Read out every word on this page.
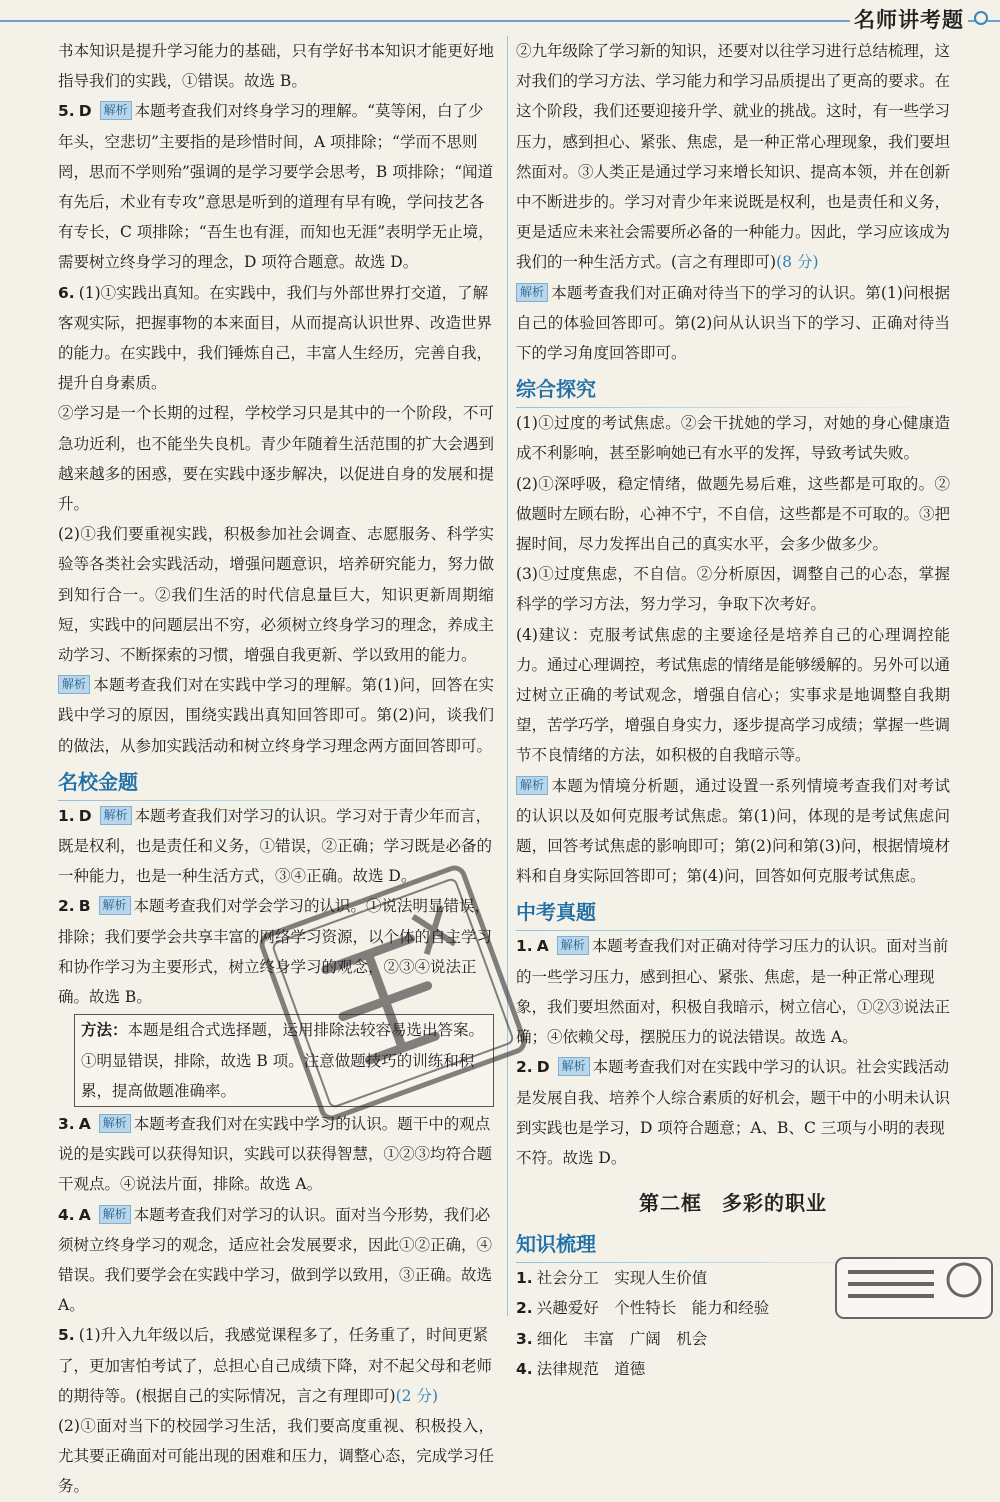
名师讲考题

书本知识是提升学习能力的基础，只有学好书本知识才能更好地指导我们的实践，①错误。故选 B。

5. D 解析 本题考查我们对终身学习的理解。“莫等闲，白了少年头，空悲切”主要指的是珍惜时间，A 项排除；“学而不思则罔，思而不学则殆”强调的是学习要学会思考，B 项排除；“闻道有先后，术业有专攻”意思是听到的道理有早有晚，学问技艺各有专长，C 项排除；“吾生也有涯，而知也无涯”表明学无止境，需要树立终身学习的理念，D 项符合题意。故选 D。

6. (1)①实践出真知。在实践中，我们与外部世界打交道，了解客观实际，把握事物的本来面目，从而提高认识世界、改造世界的能力。在实践中，我们锤炼自己，丰富人生经历，完善自我，提升自身素质。

②学习是一个长期的过程，学校学习只是其中的一个阶段，不可急功近利，也不能坐失良机。青少年随着生活范围的扩大会遇到越来越多的困惑，要在实践中逐步解决，以促进自身的发展和提升。

(2)①我们要重视实践，积极参加社会调查、志愿服务、科学实验等各类社会实践活动，增强问题意识，培养研究能力，努力做到知行合一。②我们生活的时代信息量巨大，知识更新周期缩短，实践中的问题层出不穷，必须树立终身学习的理念，养成主动学习、不断探索的习惯，增强自我更新、学以致用的能力。

解析 本题考查我们对在实践中学习的理解。第(1)问，回答在实践中学习的原因，围绕实践出真知回答即可。第(2)问，谈我们的做法，从参加实践活动和树立终身学习理念两方面回答即可。

名校金题

1. D 解析 本题考查我们对学习的认识。学习对于青少年而言，既是权利，也是责任和义务，①错误，②正确；学习既是必备的一种能力，也是一种生活方式，③④正确。故选 D。

2. B 解析 本题考查我们对学会学习的认识。①说法明显错误，排除；我们要学会共享丰富的网络学习资源，以个体的自主学习和协作学习为主要形式，树立终身学习的观念，②③④说法正确。故选 B。

方法：本题是组合式选择题，运用排除法较容易选出答案。①明显错误，排除，故选 B 项。注意做题技巧的训练和积累，提高做题准确率。

3. A 解析 本题考查我们对在实践中学习的认识。题干中的观点说的是实践可以获得知识，实践可以获得智慧，①②③均符合题干观点。④说法片面，排除。故选 A。

4. A 解析 本题考查我们对学习的认识。面对当今形势，我们必须树立终身学习的观念，适应社会发展要求，因此①②正确，④错误。我们要学会在实践中学习，做到学以致用，③正确。故选 A。

5. (1)升入九年级以后，我感觉课程多了，任务重了，时间更紧了，更加害怕考试了，总担心自己成绩下降，对不起父母和老师的期待等。(根据自己的实际情况，言之有理即可)(2 分)

(2)①面对当下的校园学习生活，我们要高度重视、积极投入，尤其要正确面对可能出现的困难和压力，调整心态，完成学习任务。

②九年级除了学习新的知识，还要对以往学习进行总结梳理，这对我们的学习方法、学习能力和学习品质提出了更高的要求。在这个阶段，我们还要迎接升学、就业的挑战。这时，有一些学习压力，感到担心、紧张、焦虑，是一种正常心理现象，我们要坦然面对。③人类正是通过学习来增长知识、提高本领，并在创新中不断进步的。学习对青少年来说既是权利，也是责任和义务，更是适应未来社会需要所必备的一种能力。因此，学习应该成为我们的一种生活方式。(言之有理即可)(8 分)

解析 本题考查我们对正确对待当下的学习的认识。第(1)问根据自己的体验回答即可。第(2)问从认识当下的学习、正确对待当下的学习角度回答即可。

综合探究

(1)①过度的考试焦虑。②会干扰她的学习，对她的身心健康造成不利影响，甚至影响她已有水平的发挥，导致考试失败。

(2)①深呼吸，稳定情绪，做题先易后难，这些都是可取的。②做题时左顾右盼，心神不宁，不自信，这些都是不可取的。③把握时间，尽力发挥出自己的真实水平，会多少做多少。

(3)①过度焦虑，不自信。②分析原因，调整自己的心态，掌握科学的学习方法，努力学习，争取下次考好。

(4)建议：克服考试焦虑的主要途径是培养自己的心理调控能力。通过心理调控，考试焦虑的情绪是能够缓解的。另外可以通过树立正确的考试观念，增强自信心；实事求是地调整自我期望，苦学巧学，增强自身实力，逐步提高学习成绩；掌握一些调节不良情绪的方法，如积极的自我暗示等。

解析 本题为情境分析题，通过设置一系列情境考查我们对考试的认识以及如何克服考试焦虑。第(1)问，体现的是考试焦虑问题，回答考试焦虑的影响即可；第(2)问和第(3)问，根据情境材料和自身实际回答即可；第(4)问，回答如何克服考试焦虑。

中考真题

1. A 解析 本题考查我们对正确对待学习压力的认识。面对当前的一些学习压力，感到担心、紧张、焦虑，是一种正常心理现象，我们要坦然面对，积极自我暗示，树立信心，①②③说法正确；④依赖父母，摆脱压力的说法错误。故选 A。

2. D 解析 本题考查我们对在实践中学习的认识。社会实践活动是发展自我、培养个人综合素质的好机会，题干中的小明未认识到实践也是学习，D 项符合题意；A、B、C 三项与小明的表现不符。故选 D。

第二框 多彩的职业
知识梳理

1. 社会分工　实现人生价值

2. 兴趣爱好　个性特长　能力和经验

3. 细化　丰富　广阔　机会

4. 法律规范　道德
